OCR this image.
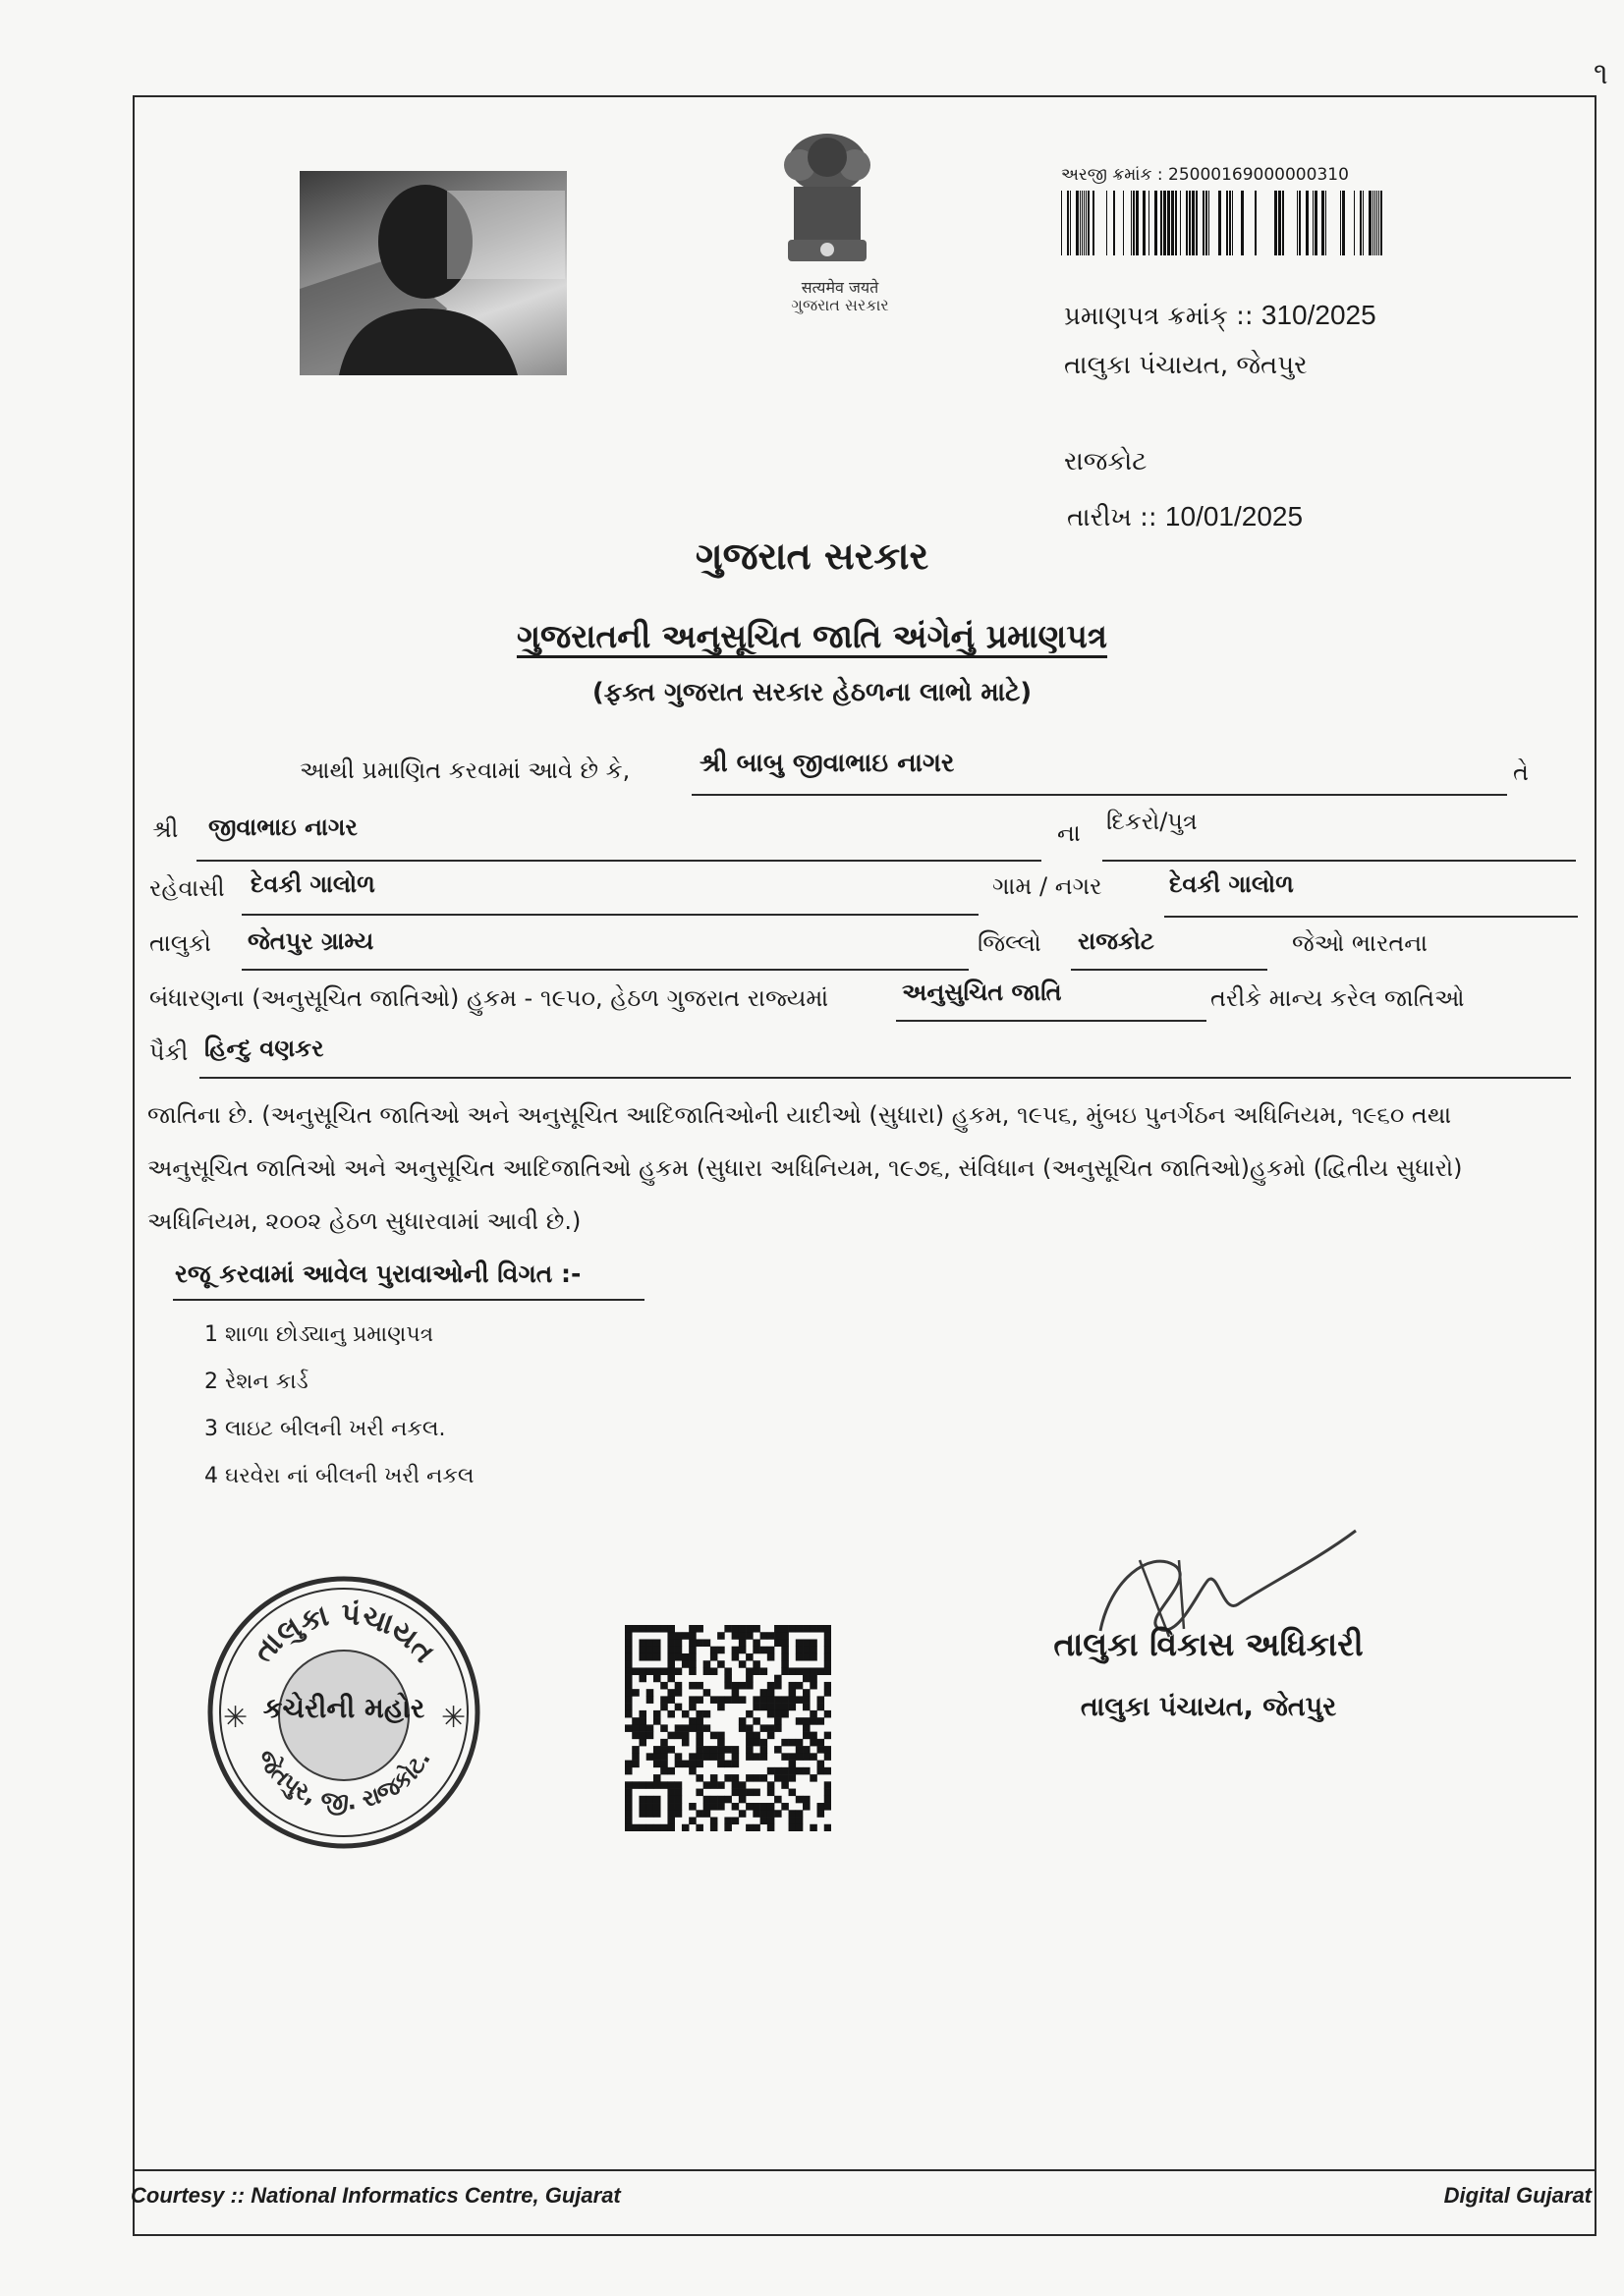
૧
सत्यमेव जयते
ગુજરાત સરકાર
અરજી ક્રમાંક : 25000169000000310
પ્રમાણપત્ર ક્રમાંક્ :: 310/2025
તાલુકા પંચાયત, જેતપુર
રાજકોટ
તારીખ :: 10/01/2025
ગુજરાત સરકાર
ગુજરાતની અનુસૂચિત જાતિ અંગેનું પ્રમાણપત્ર
(ફક્ત ગુજરાત સરકાર હેઠળના લાભો માટે)
આથી પ્રમાણિત કરવામાં આવે છે કે,	શ્રી બાબુ જીવાભાઇ નાગર	તે
શ્રી જીવાભાઇ નાગર	ના દિકરો/પુત્ર
રહેવાસી દેવકી ગાલોળ	ગામ / નગર	દેવકી ગાલોળ
તાલુકો જેતપુર ગ્રામ્ય	જિલ્લો રાજકોટ	જેઓ ભારતના
બંધારણના (અનુસૂચિત જાતિઓ) હુકમ - ૧૯૫૦, હેઠળ ગુજરાત રાજ્યમાં	અનુસુચિત જાતિ	તરીકે માન્ય કરેલ જાતિઓ
પૈકી હિન્દુ વણકર
જાતિના છે. (અનુસૂચિત જાતિઓ અને અનુસૂચિત આદિજાતિઓની યાદીઓ (સુધારા) હુકમ, ૧૯૫૬, મુંબઇ પુનર્ગઠન અધિનિયમ, ૧૯૬૦ તથા અનુસૂચિત જાતિઓ અને અનુસૂચિત આદિજાતિઓ હુકમ (સુધારા અધિનિયમ, ૧૯૭૬, સંવિધાન (અનુસૂચિત જાતિઓ)હુકમો (દ્વિતીય સુધારો) અધિનિયમ, ૨૦૦૨ હેઠળ સુધારવામાં આવી છે.)
રજૂ કરવામાં આવેલ પુરાવાઓની વિગત :-
1 શાળા છોડ્યાનુ પ્રમાણપત્ર
2 રેશન કાર્ડ
3 લાઇટ બીલની ખરી નકલ.
4 ઘરવેરા નાં બીલની ખરી નકલ
તાલુકા પંચાયત
કચેરીની મહોર
જેતપુર, જી. રાજકોટ.
✳	✳
તાલુકા વિકાસ અધિકારી
તાલુકા પંચાયત, જેતપુર
Courtesy :: National Informatics Centre, Gujarat	Digital Gujarat
